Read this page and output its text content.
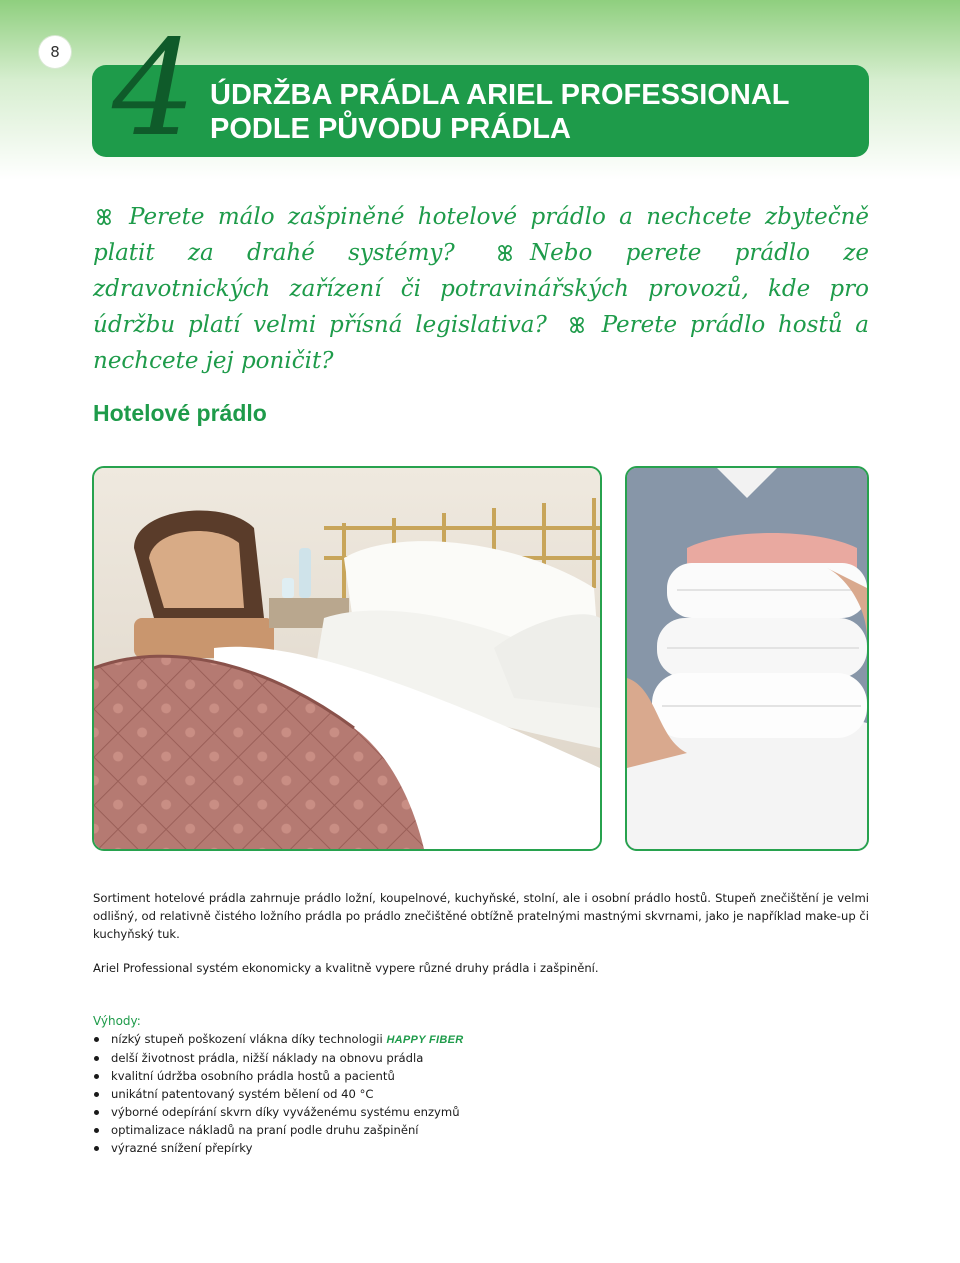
8 4 ÚDRŽBA PRÁDLA ARIEL PROFESSIONAL
PODLE PŮVODU PRÁDLA
Perete málo zašpiněné hotelové prádlo a nechcete zbytečně platit za drahé systémy?	Nebo perete prádlo ze zdravotnických zařízení či potravinářských provozů, kde pro údržbu platí velmi přísná legislativa? Perete prádlo hostů a nechcete jej poničit?
Hotelové prádlo
Sortiment hotelové prádla zahrnuje prádlo ložní, koupelnové, kuchyňské, stolní, ale i osobní prádlo hostů. Stupeň znečištění je velmi odlišný, od relativně čistého ložního prádla po prádlo znečištěné obtížně pratelnými mastnými skvrnami, jako je například make-up či kuchyňský tuk.
Ariel Professional systém ekonomicky a kvalitně vypere různé druhy prádla i zašpinění.
Výhody:
nízký stupeň poškození vlákna díky technologii HAPPY FIBER
delší životnost prádla, nižší náklady na obnovu prádla
kvalitní údržba osobního prádla hostů a pacientů
unikátní patentovaný systém bělení od 40 °C
výborné odepírání skvrn díky vyváženému systému enzymů
optimalizace nákladů na praní podle druhu zašpinění
výrazné snížení přepírky
